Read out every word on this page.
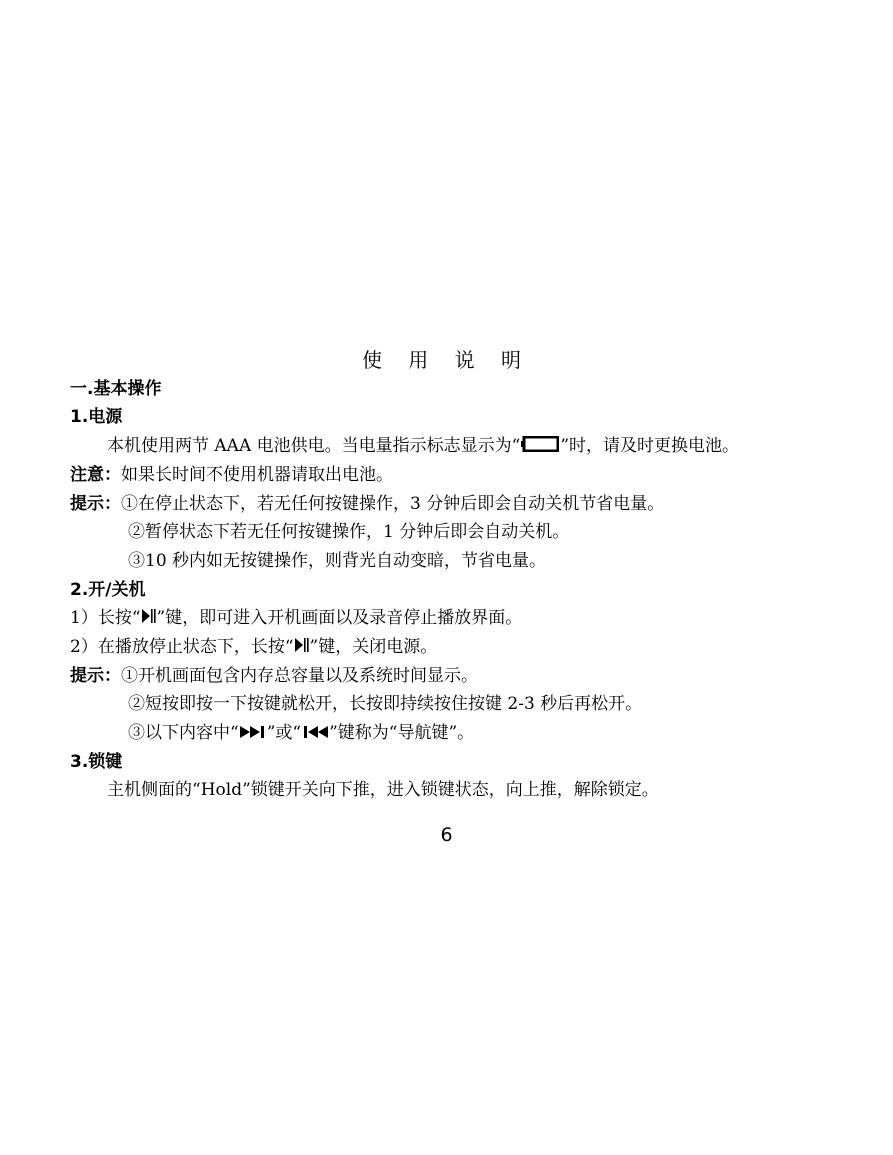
使 用 说 明
一.基本操作
1.电源
本机使用两节 AAA 电池供电。当电量指示标志显示为“ ”时，请及时更换电池。
注意：如果长时间不使用机器请取出电池。
提示：①在停止状态下，若无任何按键操作，3 分钟后即会自动关机节省电量。
②暂停状态下若无任何按键操作，1 分钟后即会自动关机。
③10 秒内如无按键操作，则背光自动变暗，节省电量。
2.开/关机
1）长按“ ”键，即可进入开机画面以及录音停止播放界面。
2）在播放停止状态下，长按“ ”键，关闭电源。
提示：①开机画面包含内存总容量以及系统时间显示。
②短按即按一下按键就松开，长按即持续按住按键 2-3 秒后再松开。
③以下内容中“ ”或“ ”键称为“导航键”。
3.锁键
主机侧面的“Hold”锁键开关向下推，进入锁键状态，向上推，解除锁定。
6
